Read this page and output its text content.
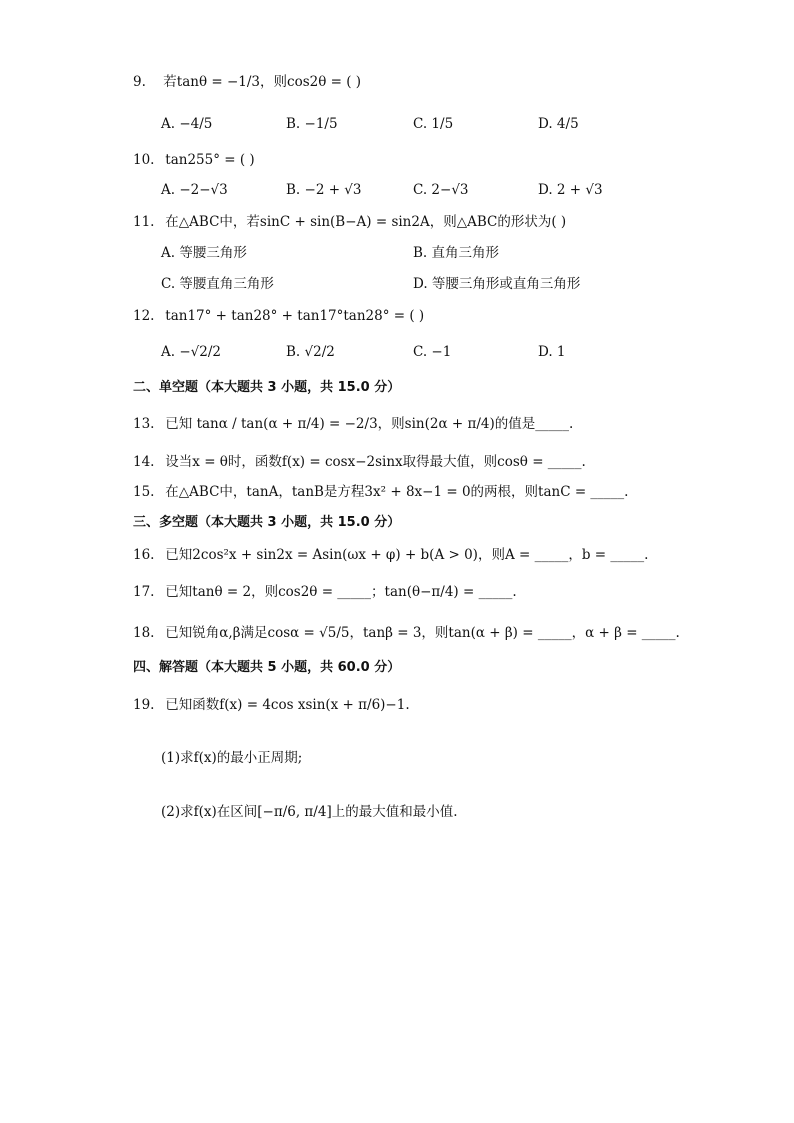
9. 若tanθ = −1/3，则cos2θ = ( )
A. −4/5	B. −1/5	C. 1/5	D. 4/5
10. tan255° = ( )
A. −2−√3	B. −2 + √3	C. 2−√3	D. 2 + √3
11. 在△ABC中，若sinC + sin(B−A) = sin2A，则△ABC的形状为( )
A. 等腰三角形	B. 直角三角形
C. 等腰直角三角形	D. 等腰三角形或直角三角形
12. tan17° + tan28° + tan17°tan28° = ( )
A. −√2/2	B. √2/2	C. −1	D. 1
二、单空题（本大题共 3 小题，共 15.0 分）
13. 已知 tanα / tan(α + π/4) = −2/3，则sin(2α + π/4)的值是_____.
14. 设当x = θ时，函数f(x) = cosx−2sinx取得最大值，则cosθ = _____.
15. 在△ABC中，tanA，tanB是方程3x² + 8x−1 = 0的两根，则tanC = _____.
三、多空题（本大题共 3 小题，共 15.0 分）
16. 已知2cos²x + sin2x = Asin(ωx + φ) + b(A > 0)，则A = _____，b = _____.
17. 已知tanθ = 2，则cos2θ = _____；tan(θ−π/4) = _____.
18. 已知锐角α,β满足cosα = √5/5，tanβ = 3，则tan(α + β) = _____，α + β = _____.
四、解答题（本大题共 5 小题，共 60.0 分）
19. 已知函数f(x) = 4cos xsin(x + π/6)−1.
(1)求f(x)的最小正周期;
(2)求f(x)在区间[−π/6, π/4]上的最大值和最小值.
